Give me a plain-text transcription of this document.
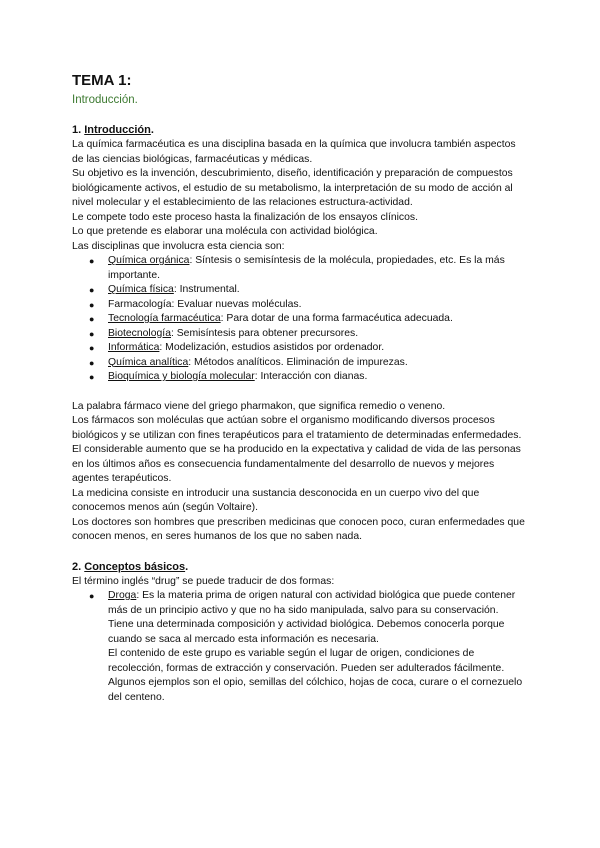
TEMA 1:
Introducción.
1. Introducción.

La química farmacéutica es una disciplina basada en la química que involucra también aspectos de las ciencias biológicas, farmacéuticas y médicas.

Su objetivo es la invención, descubrimiento, diseño, identificación y preparación de compuestos biológicamente activos, el estudio de su metabolismo, la interpretación de su modo de acción al nivel molecular y el establecimiento de las relaciones estructura-actividad.

Le compete todo este proceso hasta la finalización de los ensayos clínicos.

Lo que pretende es elaborar una molécula con actividad biológica.

Las disciplinas que involucra esta ciencia son:

● Química orgánica: Síntesis o semisíntesis de la molécula, propiedades, etc. Es la más importante.
● Química física: Instrumental.
● Farmacología: Evaluar nuevas moléculas.
● Tecnología farmacéutica: Para dotar de una forma farmacéutica adecuada.
● Biotecnología: Semisíntesis para obtener precursores.
● Informática: Modelización, estudios asistidos por ordenador.
● Química analítica: Métodos analíticos. Eliminación de impurezas.
● Bioquímica y biología molecular: Interacción con dianas.

La palabra fármaco viene del griego pharmakon, que significa remedio o veneno.

Los fármacos son moléculas que actúan sobre el organismo modificando diversos procesos biológicos y se utilizan con fines terapéuticos para el tratamiento de determinadas enfermedades.

El considerable aumento que se ha producido en la expectativa y calidad de vida de las personas en los últimos años es consecuencia fundamentalmente del desarrollo de nuevos y mejores agentes terapéuticos.

La medicina consiste en introducir una sustancia desconocida en un cuerpo vivo del que conocemos menos aún (según Voltaire).

Los doctores son hombres que prescriben medicinas que conocen poco, curan enfermedades que conocen menos, en seres humanos de los que no saben nada.

2. Conceptos básicos.

El término inglés “drug” se puede traducir de dos formas:

● Droga: Es la materia prima de origen natural con actividad biológica que puede contener más de un principio activo y que no ha sido manipulada, salvo para su conservación.

Tiene una determinada composición y actividad biológica. Debemos conocerla porque cuando se saca al mercado esta información es necesaria.

El contenido de este grupo es variable según el lugar de origen, condiciones de recolección, formas de extracción y conservación. Pueden ser adulterados fácilmente.

Algunos ejemplos son el opio, semillas del cólchico, hojas de coca, curare o el cornezuelo del centeno.
